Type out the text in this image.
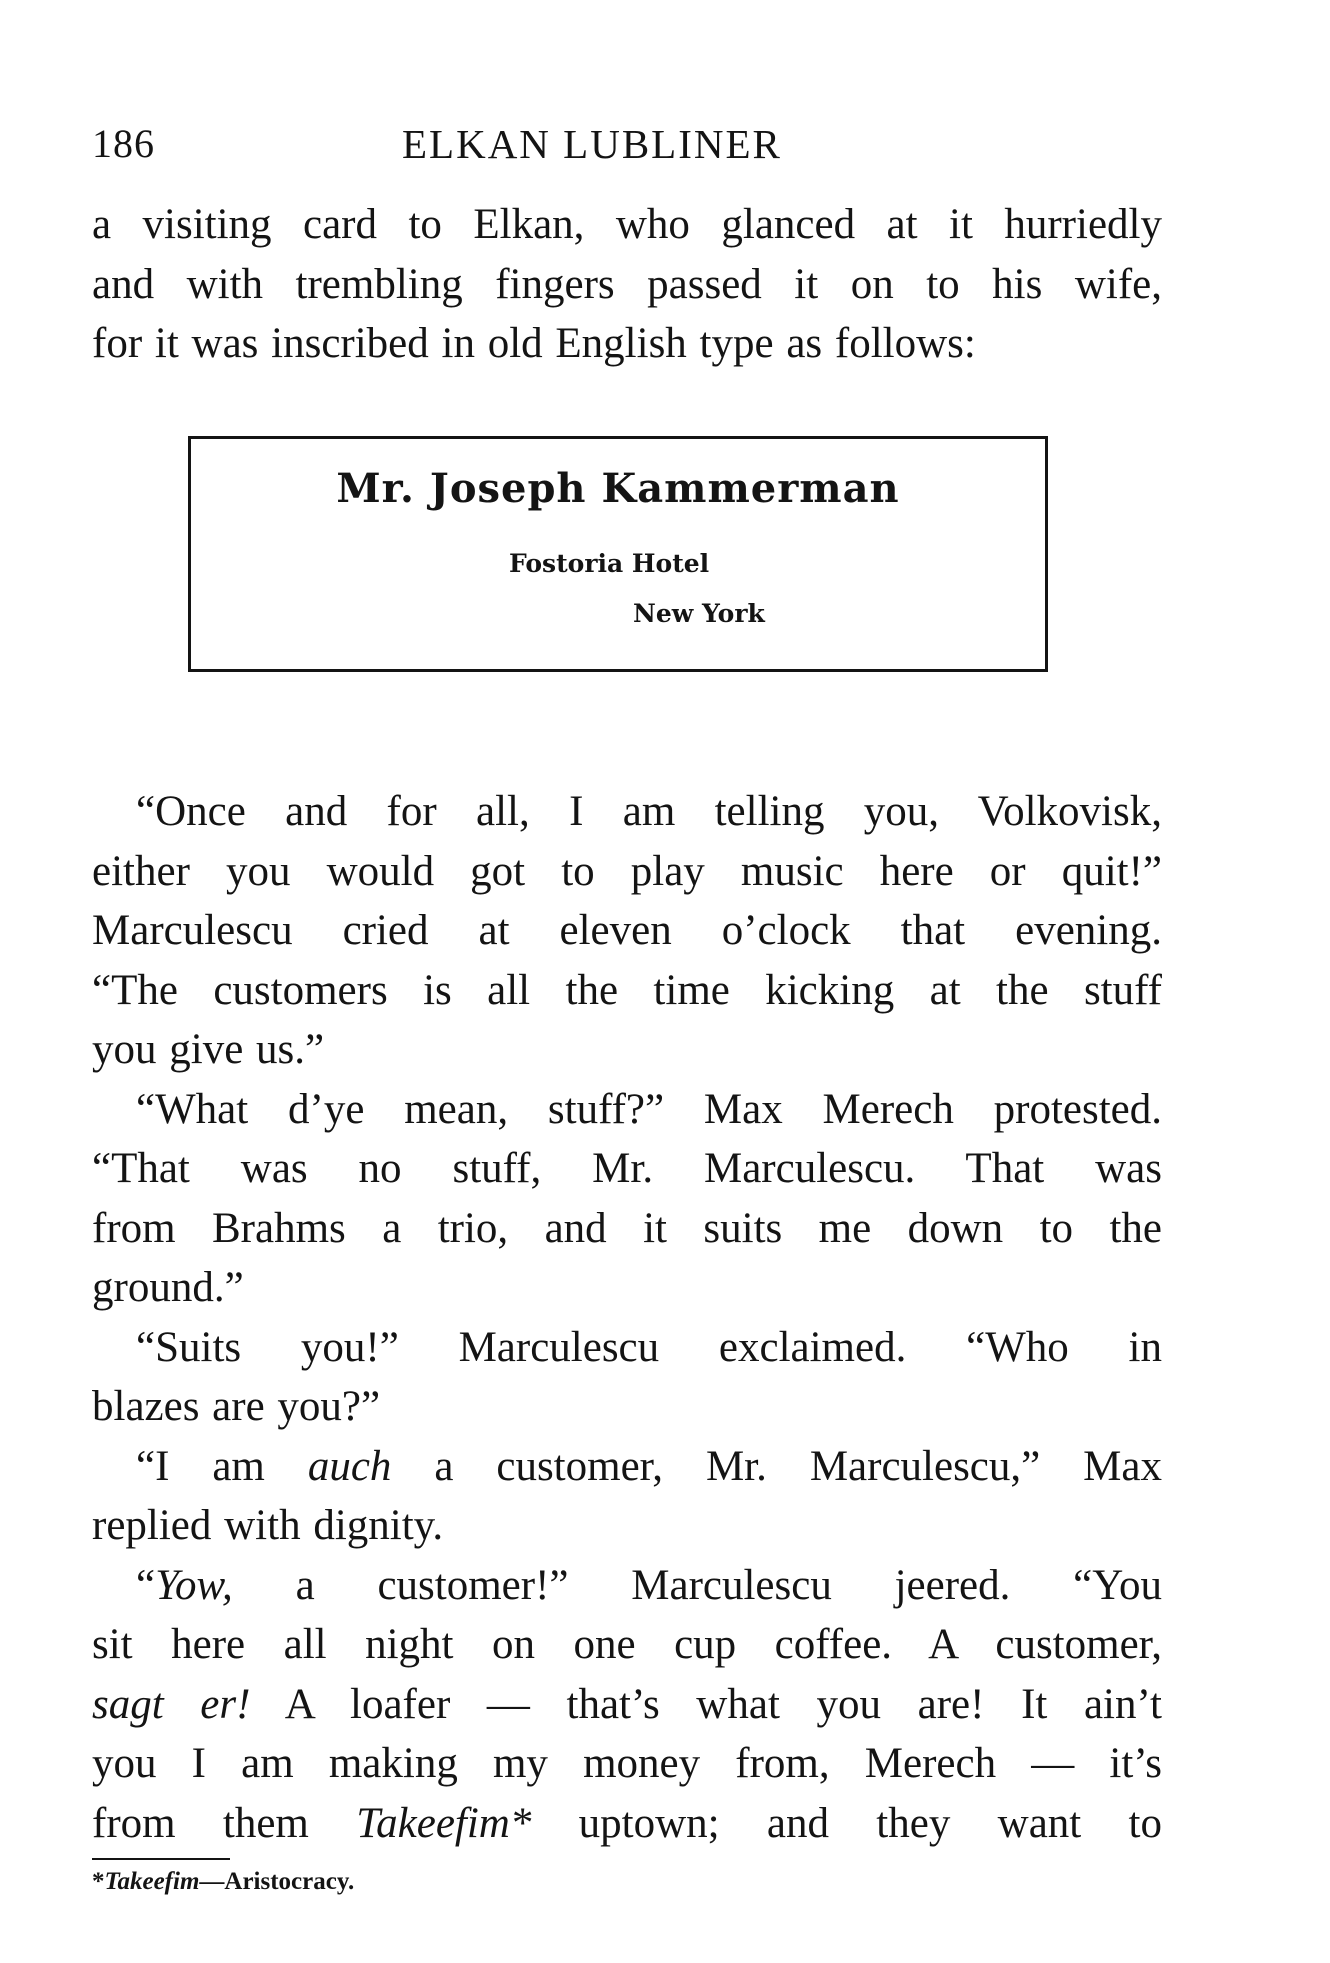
186	ELKAN LUBLINER
a visiting card to Elkan, who glanced at it hurriedly
and with trembling fingers passed it on to his wife,
for it was inscribed in old English type as follows:
Mr. Joseph Kammerman
Fostoria Hotel
New York
“Once and for all, I am telling you, Volkovisk,
either you would got to play music here or quit!”
Marculescu cried at eleven o’clock that evening.
“The customers is all the time kicking at the stuff
you give us.”
“What d’ye mean, stuff?” Max Merech protested.
“That was no stuff, Mr. Marculescu. That was
from Brahms a trio, and it suits me down to the
ground.”
“Suits you!” Marculescu exclaimed. “Who in
blazes are you?”
“I am auch a customer, Mr. Marculescu,” Max
replied with dignity.
“Yow, a customer!” Marculescu jeered. “You
sit here all night on one cup coffee. A customer,
sagt er! A loafer — that’s what you are! It ain’t
you I am making my money from, Merech — it’s
from them Takeefim* uptown; and they want to
*Takeefim—Aristocracy.
